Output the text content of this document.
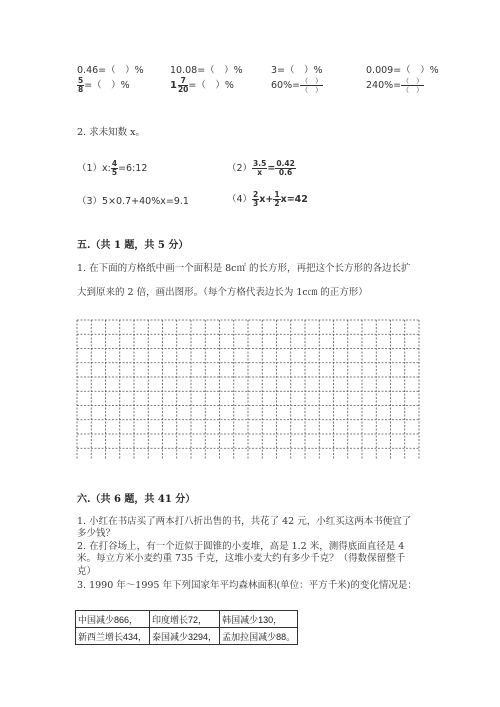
0.46=（　）%	10.08=（　）%	3=（　）%	0.009=（　）%
$\frac{5}{8}$ =（　）%	$1 \frac{7}{20}$ =（　）%	$60\%= \frac{( )}{( )}$	$240\%= \frac{( )}{( )}$
2. 求未知数 x。
（1）x: $\frac{4}{5}$ =6:12	$(2) \frac{3.5}{x} = \frac{0.42}{0.6}$
（3）5×0.7+40%x=9.1	$(4) \frac{2}{3} x+ \frac{1}{2} x=42$
五.（共 1 题，共 5 分）
1. 在下面的方格纸中画一个面积是 8c㎡ 的长方形，再把这个长方形的各边长扩
大到原来的 2 倍，画出图形。（每个方格代表边长为 1c㎝ 的正方形）
六.（共 6 题，共 41 分）
1. 小红在书店买了两本打八折出售的书，共花了 42 元，小红买这两本书便宜了
多少钱？
2. 在打谷场上，有一个近似于圆锥的小麦堆，高是 1.2 米，测得底面直径是 4
米。每立方米小麦约重 735 千克，这堆小麦大约有多少千克？（得数保留整千
克）
3. 1990 年～1995 年下列国家年平均森林面积(单位：平方千米)的变化情况是：
中国减少866，	印度增长72，	韩国减少130，
新西兰增长434，	泰国减少3294，	孟加拉国减少88。
